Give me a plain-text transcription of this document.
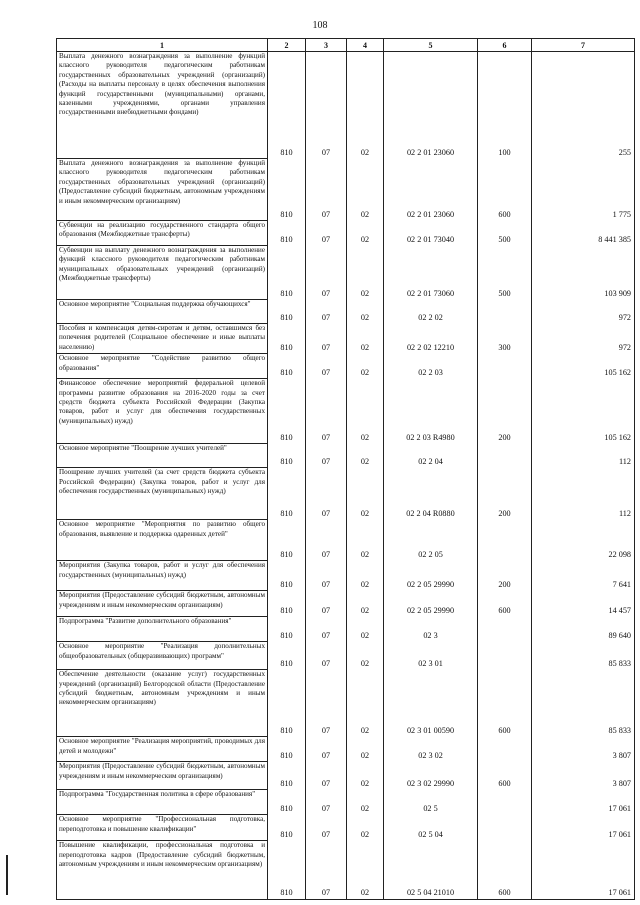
108
1	2	3	4	5	6	7
Выплата денежного вознаграждения за выполнение функций классного руководителя педагогическим работникам государственных образовательных учреждений (организаций) (Расходы на выплаты персоналу в целях обеспечения выполнения функций государственными (муниципальными) органами, казенными учреждениями, органами управления государственными внебюджетными фондами)	810	07	02	02 2 01 23060	100	255
Выплата денежного вознаграждения за выполнение функций классного руководителя педагогическим работникам государственных образовательных учреждений (организаций) (Предоставление субсидий бюджетным, автономным учреждениям и иным некоммерческим организациям)	810	07	02	02 2 01 23060	600	1 775
Субвенции на реализацию государственного стандарта общего образования (Межбюджетные трансферты)	810	07	02	02 2 01 73040	500	8 441 385
Субвенции на выплату денежного вознаграждения за выполнение функций классного руководителя педагогическим работникам муниципальных образовательных учреждений (организаций) (Межбюджетные трансферты)	810	07	02	02 2 01 73060	500	103 909
Основное мероприятие "Социальная поддержка обучающихся"	810	07	02	02 2 02		972
Пособия и компенсация детям-сиротам и детям, оставшимся без попечения родителей (Социальное обеспечение и иные выплаты населению)	810	07	02	02 2 02 12210	300	972
Основное мероприятие "Содействие развитию общего образования"	810	07	02	02 2 03		105 162
Финансовое обеспечение мероприятий федеральной целевой программы развитие образования на 2016-2020 годы за счет средств бюджета субъекта Российской Федерации (Закупка товаров, работ и услуг для обеспечения государственных (муниципальных) нужд)	810	07	02	02 2 03 R4980	200	105 162
Основное мероприятие "Поощрение лучших учителей"	810	07	02	02 2 04		112
Поощрение лучших учителей (за счет средств бюджета субъекта Российской Федерации) (Закупка товаров, работ и услуг для обеспечения государственных (муниципальных) нужд)	810	07	02	02 2 04 R0880	200	112
Основное мероприятие "Мероприятия по развитию общего образования, выявление и поддержка одаренных детей"	810	07	02	02 2 05		22 098
Мероприятия (Закупка товаров, работ и услуг для обеспечения государственных (муниципальных) нужд)	810	07	02	02 2 05 29990	200	7 641
Мероприятия (Предоставление субсидий бюджетным, автономным учреждениям и иным некоммерческим организациям)	810	07	02	02 2 05 29990	600	14 457
Подпрограмма "Развитие дополнительного образования"	810	07	02	02 3		89 640
Основное мероприятие "Реализация дополнительных общеобразовательных (общеразвивающих) программ"	810	07	02	02 3 01		85 833
Обеспечение деятельности (оказание услуг) государственных учреждений (организаций) Белгородской области (Предоставление субсидий бюджетным, автономным учреждениям и иным некоммерческим организациям)	810	07	02	02 3 01 00590	600	85 833
Основное мероприятие "Реализация мероприятий, проводимых для детей и молодежи"	810	07	02	02 3 02		3 807
Мероприятия (Предоставление субсидий бюджетным, автономным учреждениям и иным некоммерческим организациям)	810	07	02	02 3 02 29990	600	3 807
Подпрограмма "Государственная политика в сфере образования"	810	07	02	02 5		17 061
Основное мероприятие "Профессиональная подготовка, переподготовка и повышение квалификации"	810	07	02	02 5 04		17 061
Повышение квалификации, профессиональная подготовка и переподготовка кадров (Предоставление субсидий бюджетным, автономным учреждениям и иным некоммерческим организациям)	810	07	02	02 5 04 21010	600	17 061
